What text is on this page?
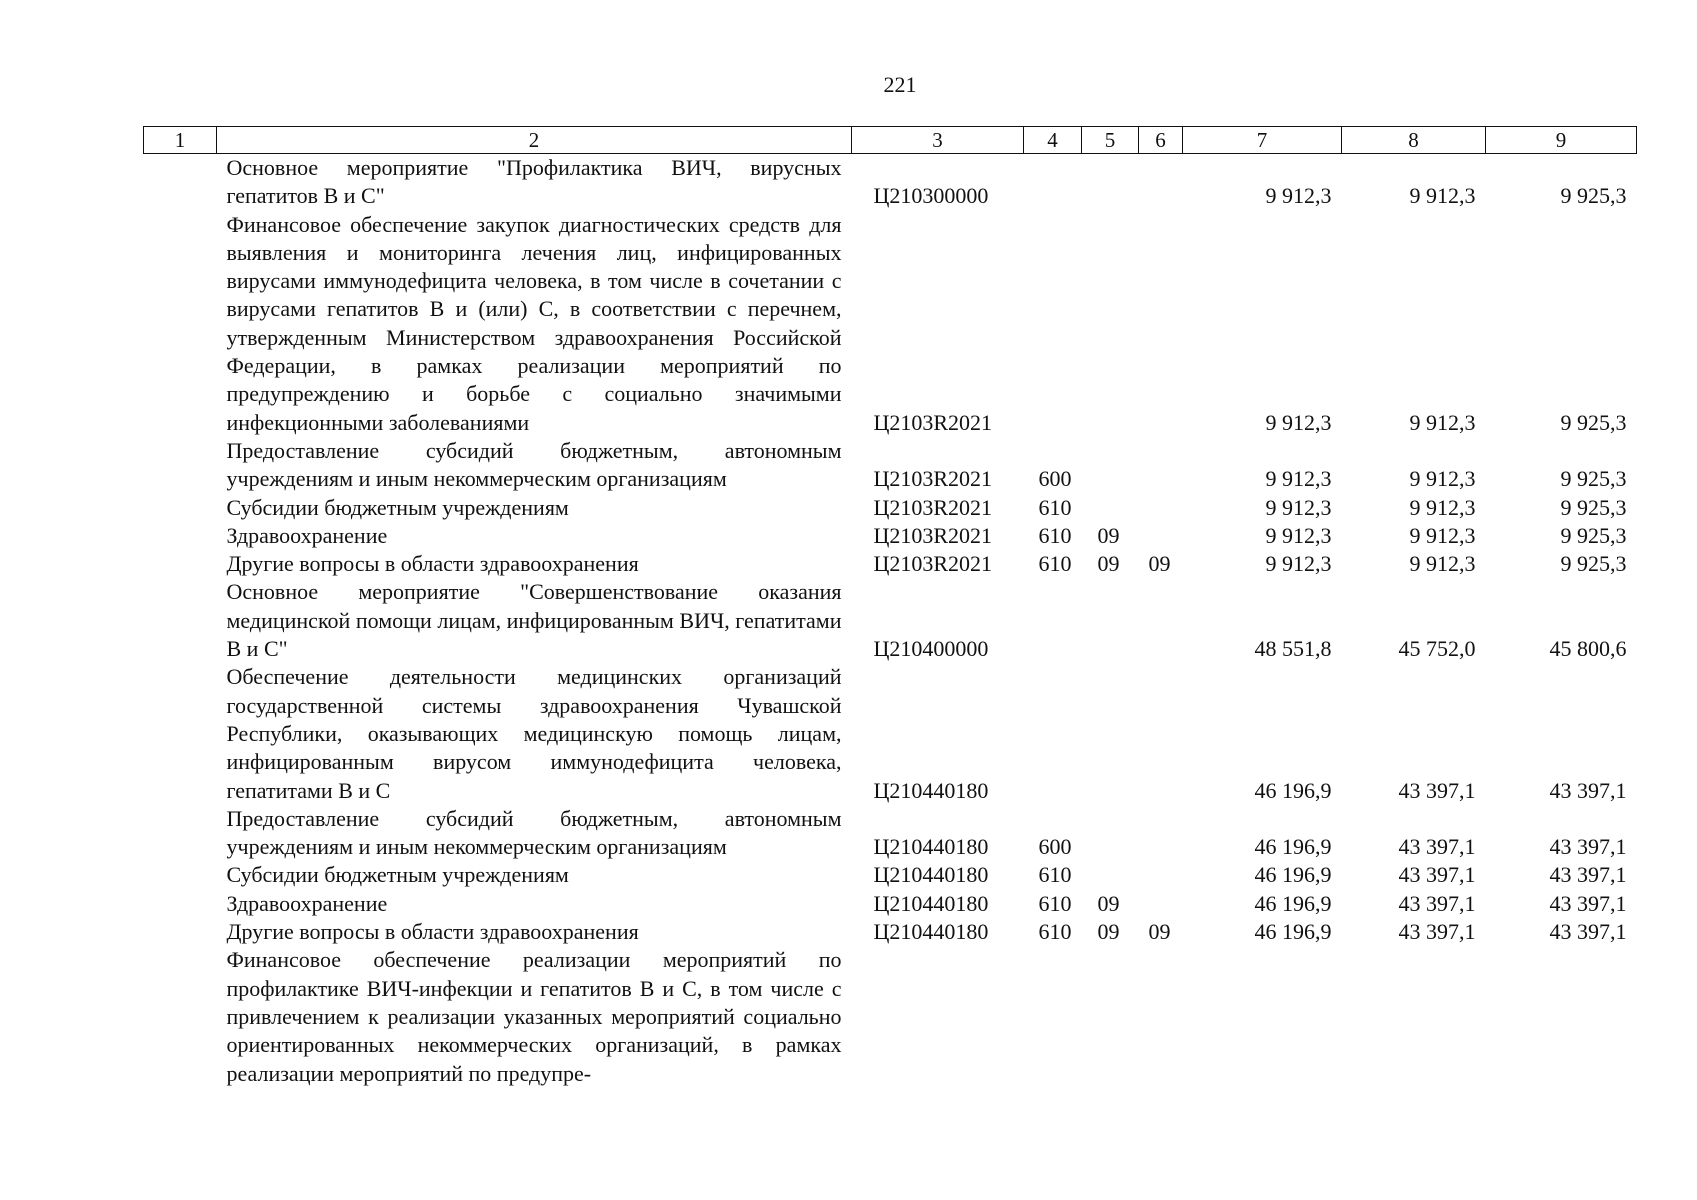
221
1	2	3	4	5	6	7	8	9
	Основное мероприятие "Профилактика ВИЧ, вирусных гепатитов B и C"	Ц210300000				9 912,3	9 912,3	9 925,3
	Финансовое обеспечение закупок диагностических средств для выявления и мониторинга лечения лиц, инфицированных вирусами иммунодефицита человека, в том числе в сочетании с вирусами гепатитов B и (или) C, в соответствии с перечнем, утвержденным Министерством здравоохранения Российской Федерации, в рамках реализации мероприятий по предупреждению и борьбе с социально значимыми инфекционными заболеваниями	Ц2103R2021				9 912,3	9 912,3	9 925,3
	Предоставление субсидий бюджетным, автономным учреждениям и иным некоммерческим организациям	Ц2103R2021	600			9 912,3	9 912,3	9 925,3
	Субсидии бюджетным учреждениям	Ц2103R2021	610			9 912,3	9 912,3	9 925,3
	Здравоохранение	Ц2103R2021	610	09		9 912,3	9 912,3	9 925,3
	Другие вопросы в области здравоохранения	Ц2103R2021	610	09	09	9 912,3	9 912,3	9 925,3
	Основное мероприятие "Совершенствование оказания медицинской помощи лицам, инфицированным ВИЧ, гепатитами B и C"	Ц210400000				48 551,8	45 752,0	45 800,6
	Обеспечение деятельности медицинских организаций государственной системы здравоохранения Чувашской Республики, оказывающих медицинскую помощь лицам, инфицированным вирусом иммунодефицита человека, гепатитами B и C	Ц210440180				46 196,9	43 397,1	43 397,1
	Предоставление субсидий бюджетным, автономным учреждениям и иным некоммерческим организациям	Ц210440180	600			46 196,9	43 397,1	43 397,1
	Субсидии бюджетным учреждениям	Ц210440180	610			46 196,9	43 397,1	43 397,1
	Здравоохранение	Ц210440180	610	09		46 196,9	43 397,1	43 397,1
	Другие вопросы в области здравоохранения	Ц210440180	610	09	09	46 196,9	43 397,1	43 397,1
	Финансовое обеспечение реализации мероприятий по профилактике ВИЧ-инфекции и гепатитов B и C, в том числе с привлечением к реализации указанных мероприятий социально ориентированных некоммерческих организаций, в рамках реализации мероприятий по предупре-							
